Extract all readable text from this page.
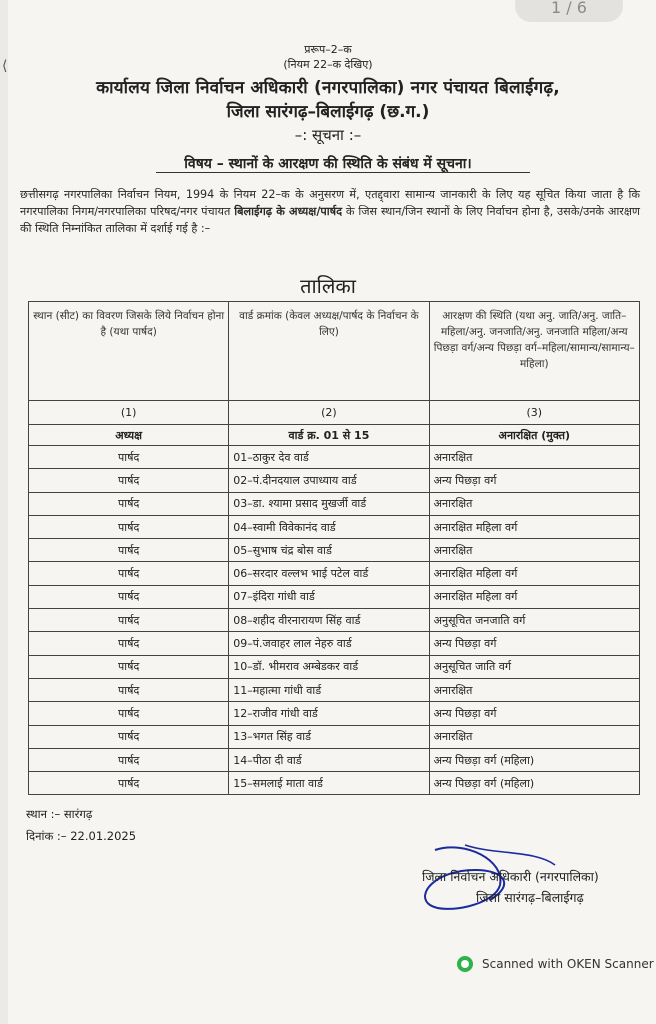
1 / 6
⟨
प्ररूप–2–क
(नियम 22–क देखिए)
कार्यालय जिला निर्वाचन अधिकारी (नगरपालिका) नगर पंचायत बिलाईगढ़,
जिला सारंगढ़–बिलाईगढ़ (छ.ग.)
–: सूचना :–
विषय – स्थानों के आरक्षण की स्थिति के संबंध में सूचना।
छत्तीसगढ़ नगरपालिका निर्वाचन नियम, 1994 के नियम 22–क के अनुसरण में, एतद्द्वारा सामान्य जानकारी के लिए यह सूचित किया जाता है कि नगरपालिका निगम/नगरपालिका परिषद/नगर पंचायत बिलाईगढ़ के अध्यक्ष/पार्षद के जिस स्थान/जिन स्थानों के लिए निर्वाचन होना है, उसके/उनके आरक्षण की स्थिति निम्नांकित तालिका में दर्शाई गई है :–
तालिका
स्थान (सीट) का विवरण जिसके लिये निर्वाचन होना है (यथा पार्षद)	वार्ड क्रमांक (केवल अध्यक्ष/पार्षद के निर्वाचन के लिए)	आरक्षण की स्थिति (यथा अनु. जाति/अनु. जाति–महिला/अनु. जनजाति/अनु. जनजाति महिला/अन्य पिछड़ा वर्ग/अन्य पिछड़ा वर्ग–महिला/सामान्य/सामान्य–महिला)
(1)	(2)	(3)
अध्यक्ष	वार्ड क्र. 01 से 15	अनारक्षित (मुक्त)
पार्षद	01–ठाकुर देव वार्ड	अनारक्षित
पार्षद	02–पं.दीनदयाल उपाध्याय वार्ड	अन्य पिछड़ा वर्ग
पार्षद	03–डा. श्यामा प्रसाद मुखर्जी वार्ड	अनारक्षित
पार्षद	04–स्वामी विवेकानंद वार्ड	अनारक्षित महिला वर्ग
पार्षद	05–सुभाष चंद्र बोस वार्ड	अनारक्षित
पार्षद	06–सरदार वल्लभ भाई पटेल वार्ड	अनारक्षित महिला वर्ग
पार्षद	07–इंदिरा गांधी वार्ड	अनारक्षित महिला वर्ग
पार्षद	08–शहीद वीरनारायण सिंह वार्ड	अनुसूचित जनजाति वर्ग
पार्षद	09–पं.जवाहर लाल नेहरु वार्ड	अन्य पिछड़ा वर्ग
पार्षद	10–डॉ. भीमराव अम्बेडकर वार्ड	अनुसूचित जाति वर्ग
पार्षद	11–महात्मा गांधी वार्ड	अनारक्षित
पार्षद	12–राजीव गांधी वार्ड	अन्य पिछड़ा वर्ग
पार्षद	13–भगत सिंह वार्ड	अनारक्षित
पार्षद	14–पीठा दी वार्ड	अन्य पिछड़ा वर्ग (महिला)
पार्षद	15–समलाई माता वार्ड	अन्य पिछड़ा वर्ग (महिला)
स्थान :– सारंगढ़
दिनांक :– 22.01.2025
जिला निर्वाचन अधिकारी (नगरपालिका)
जिला सारंगढ़–बिलाईगढ़
Scanned with OKEN Scanner
